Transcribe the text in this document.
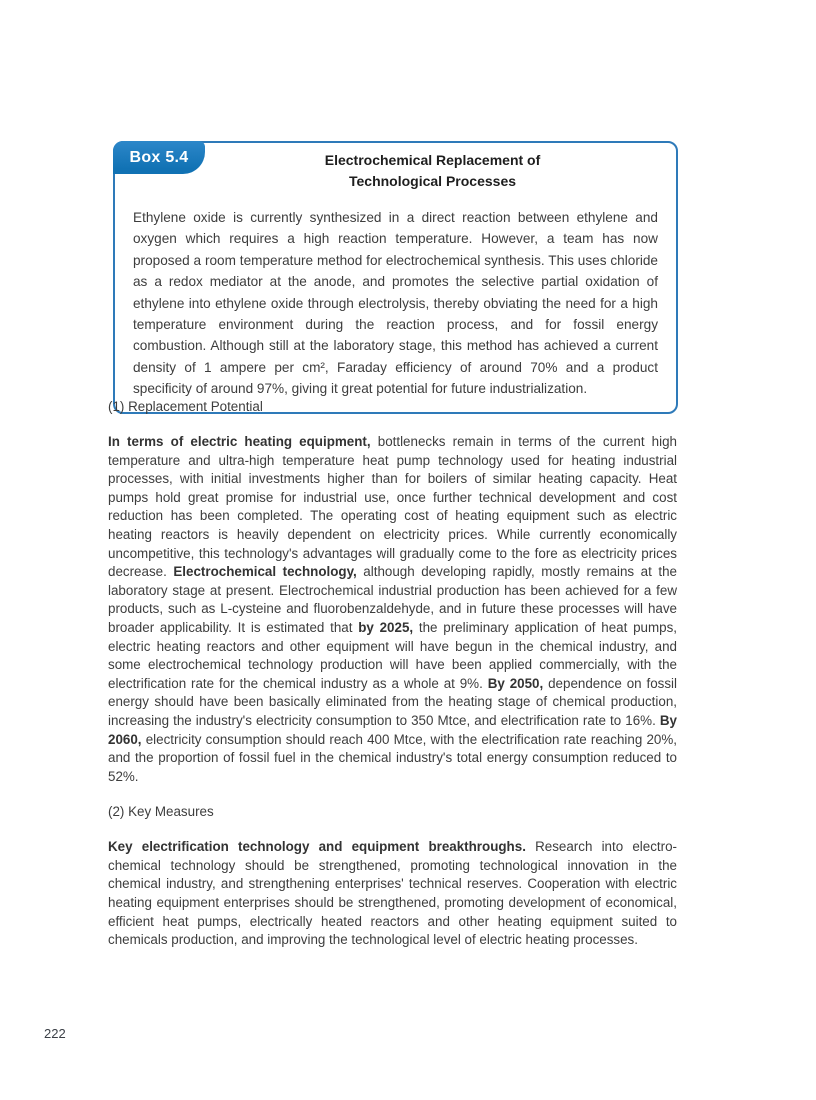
Box 5.4	Electrochemical Replacement of
Technological Processes

Ethylene oxide is currently synthesized in a direct reaction between ethylene and oxygen which requires a high reaction temperature. However, a team has now proposed a room temperature method for electrochemical synthesis. This uses chloride as a redox mediator at the anode, and promotes the selective partial oxidation of ethylene into ethylene oxide through electrolysis, thereby obviating the need for a high temperature environment during the reaction process, and for fossil energy combustion. Although still at the laboratory stage, this method has achieved a current density of 1 ampere per cm², Faraday efficiency of around 70% and a product specificity of around 97%, giving it great potential for future industrialization.

(1) Replacement Potential

In terms of electric heating equipment, bottlenecks remain in terms of the current high temperature and ultra-high temperature heat pump technology used for heating industrial processes, with initial investments higher than for boilers of similar heating capacity. Heat pumps hold great promise for industrial use, once further technical development and cost reduction has been completed. The operating cost of heating equipment such as electric heating reactors is heavily dependent on electricity prices. While currently economically uncompetitive, this technology's advantages will gradually come to the fore as electricity prices decrease. Electrochemical technology, although developing rapidly, mostly remains at the laboratory stage at present. Electrochemical industrial production has been achieved for a few products, such as L-cysteine and fluorobenzaldehyde, and in future these processes will have broader applicability. It is estimated that by 2025, the preliminary application of heat pumps, electric heating reactors and other equipment will have begun in the chemical industry, and some electrochemical technology production will have been applied commercially, with the electrification rate for the chemical industry as a whole at 9%. By 2050, dependence on fossil energy should have been basically eliminated from the heating stage of chemical production, increasing the industry's electricity consumption to 350 Mtce, and electrification rate to 16%. By 2060, electricity consumption should reach 400 Mtce, with the electrification rate reaching 20%, and the proportion of fossil fuel in the chemical industry's total energy consumption reduced to 52%.

(2) Key Measures

Key electrification technology and equipment breakthroughs. Research into electro-chemical technology should be strengthened, promoting technological innovation in the chemical industry, and strengthening enterprises' technical reserves. Cooperation with electric heating equipment enterprises should be strengthened, promoting development of economical, efficient heat pumps, electrically heated reactors and other heating equipment suited to chemicals production, and improving the technological level of electric heating processes.

222
